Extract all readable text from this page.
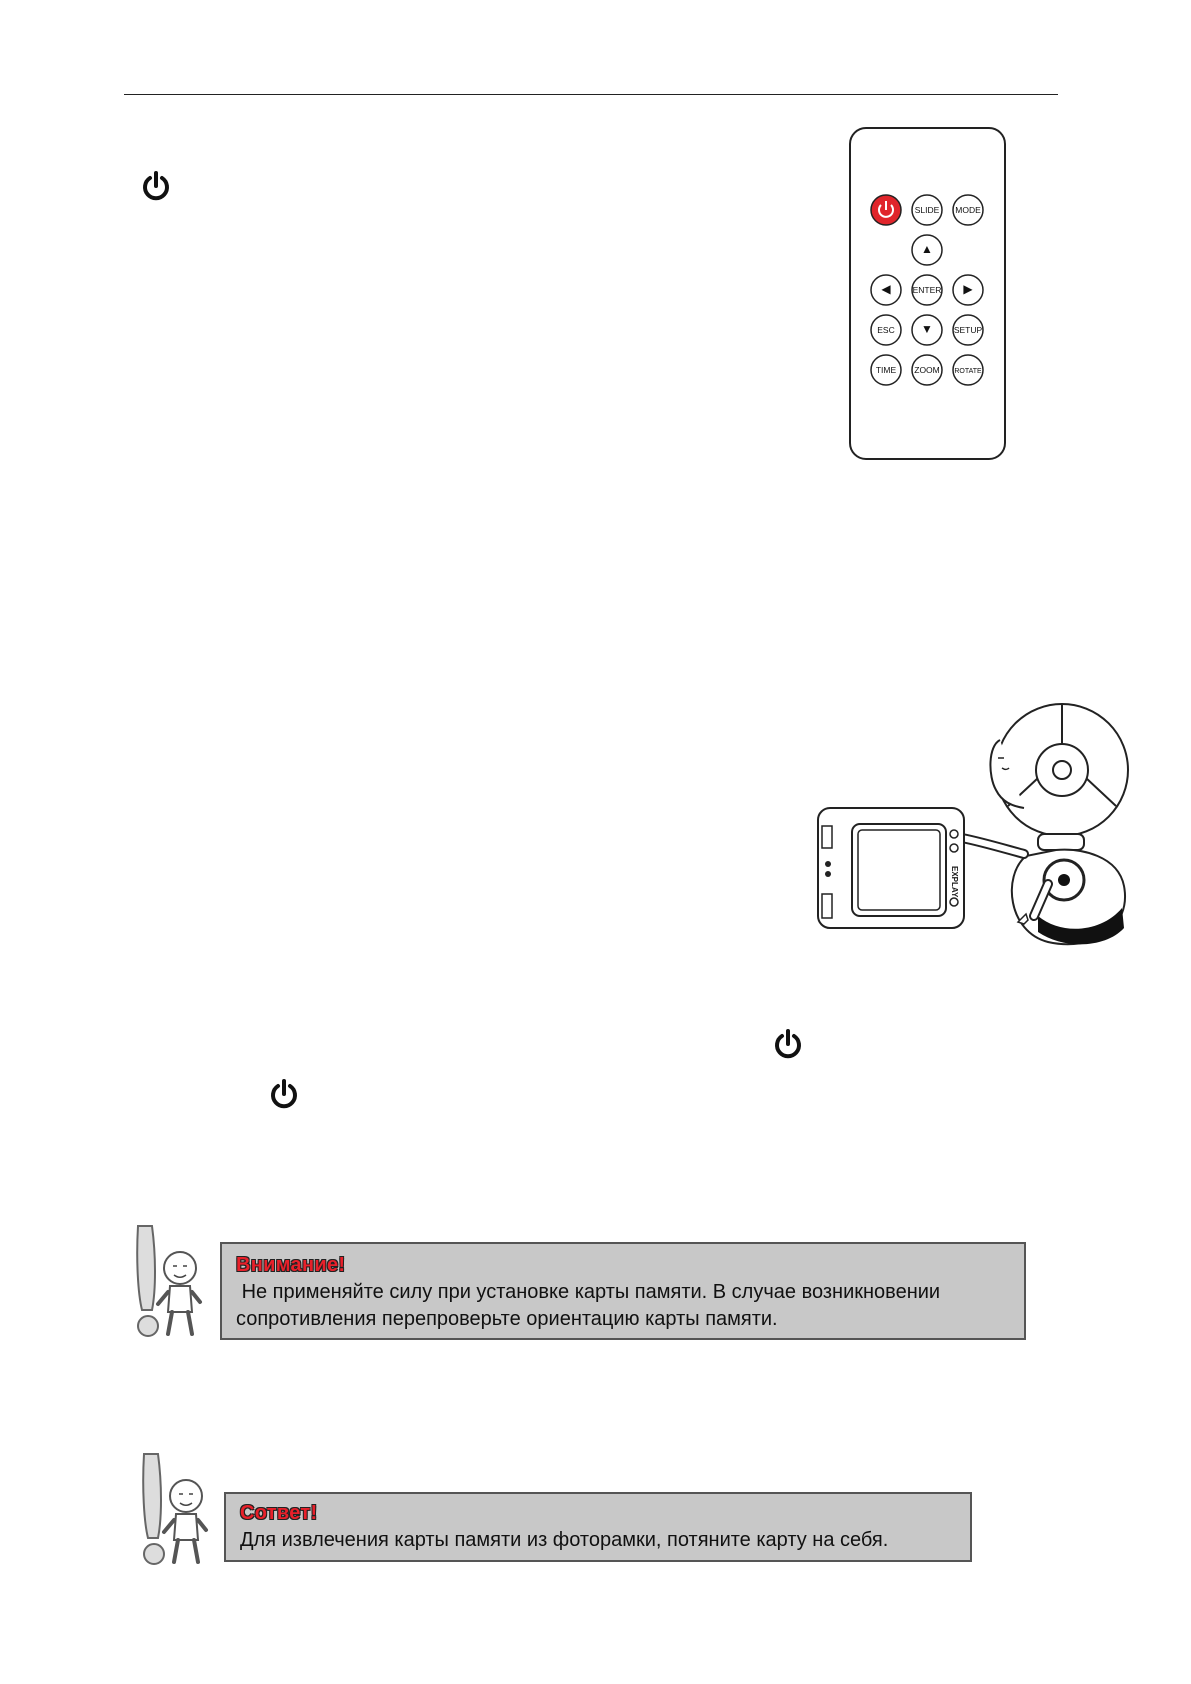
SLIDE MODE
▲
◀	ENTER ▶
ESC ▼ SETUP
TIME ZOOM ROTATE
EXPLAY
Внимание!
Не применяйте силу при установке карты памяти. В случае возникновении сопротивления перепроверьте ориентацию карты памяти.
Сответ!
Для извлечения карты памяти из фоторамки, потяните карту на себя.
